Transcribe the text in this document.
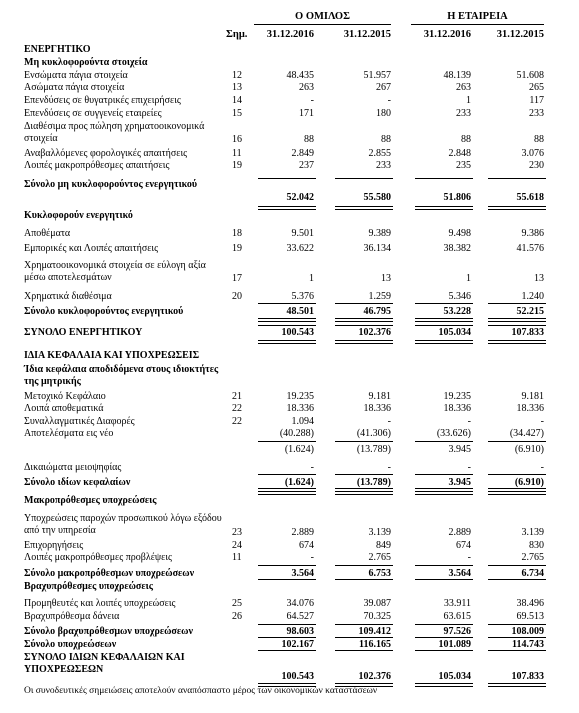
Ο ΟΜΙΛΟΣ	Η ΕΤΑΙΡΕΙΑ
Σημ.	31.12.2016	31.12.2015	31.12.2016	31.12.2015
ΕΝΕΡΓΗΤΙΚΟ
Μη κυκλοφορούντα στοιχεία
Ενσώματα πάγια στοιχεία	12	48.435	51.957	48.139	51.608
Ασώματα πάγια στοιχεία	13	263	267	263	265
Επενδύσεις σε θυγατρικές επιχειρήσεις	14	-	-	1	117
Επενδύσεις σε συγγενείς εταιρείες	15	171	180	233	233
Διαθέσιμα προς πώληση χρηματοοικονομικά στοιχεία	16	88	88	88	88
Αναβαλλόμενες φορολογικές απαιτήσεις	11	2.849	2.855	2.848	3.076
Λοιπές μακροπρόθεσμες απαιτήσεις	19	237	233	235	230
Σύνολο μη κυκλοφορούντος ενεργητικού
52.042	55.580	51.806	55.618
Κυκλοφορούν ενεργητικό
Αποθέματα	18	9.501	9.389	9.498	9.386
Εμπορικές και Λοιπές απαιτήσεις	19	33.622	36.134	38.382	41.576
Χρηματοοικονομικά στοιχεία σε εύλογη αξία μέσω αποτελεσμάτων	17	1	13	1	13
Χρηματικά διαθέσιμα	20	5.376	1.259	5.346	1.240
Σύνολο κυκλοφορούντος ενεργητικού	48.501	46.795	53.228	52.215
ΣΥΝΟΛΟ ΕΝΕΡΓΗΤΙΚΟΥ	100.543	102.376	105.034	107.833
ΙΔΙΑ ΚΕΦΑΛΑΙΑ ΚΑΙ ΥΠΟΧΡΕΩΣΕΙΣ
Ίδια κεφάλαια αποδιδόμενα στους ιδιοκτήτες της μητρικής
Μετοχικό Κεφάλαιο	21	19.235	9.181	19.235	9.181
Λοιπά αποθεματικά	22	18.336	18.336	18.336	18.336
Συναλλαγματικές Διαφορές	22	1.094	-	-	-
Αποτελέσματα εις νέο	(40.288)	(41.306)	(33.626)	(34.427)
(1.624)	(13.789)	3.945	(6.910)
Δικαιώματα μειοψηφίας	-	-	-	-
Σύνολο ιδίων κεφαλαίων	(1.624)	(13.789)	3.945	(6.910)
Μακροπρόθεσμες υποχρεώσεις
Υποχρεώσεις παροχών προσωπικού λόγω εξόδου από την υπηρεσία	23	2.889	3.139	2.889	3.139
Επιχορηγήσεις	24	674	849	674	830
Λοιπές μακροπρόθεσμες προβλέψεις	11	-	2.765	-	2.765
Σύνολο μακροπρόθεσμων υποχρεώσεων	3.564	6.753	3.564	6.734
Βραχυπρόθεσμες υποχρεώσεις
Προμηθευτές και λοιπές υποχρεώσεις	25	34.076	39.087	33.911	38.496
Βραχυπρόθεσμα δάνεια	26	64.527	70.325	63.615	69.513
Σύνολο βραχυπρόθεσμων υποχρεώσεων	98.603	109.412	97.526	108.009
Σύνολο υποχρεώσεων	102.167	116.165	101.089	114.743
ΣΥΝΟΛΟ ΙΔΙΩΝ ΚΕΦΑΛΑΙΩΝ ΚΑΙ ΥΠΟΧΡΕΩΣΕΩΝ
100.543	102.376	105.034	107.833
Οι συνοδευτικές σημειώσεις αποτελούν αναπόσπαστο μέρος των οικονομικών καταστάσεων
